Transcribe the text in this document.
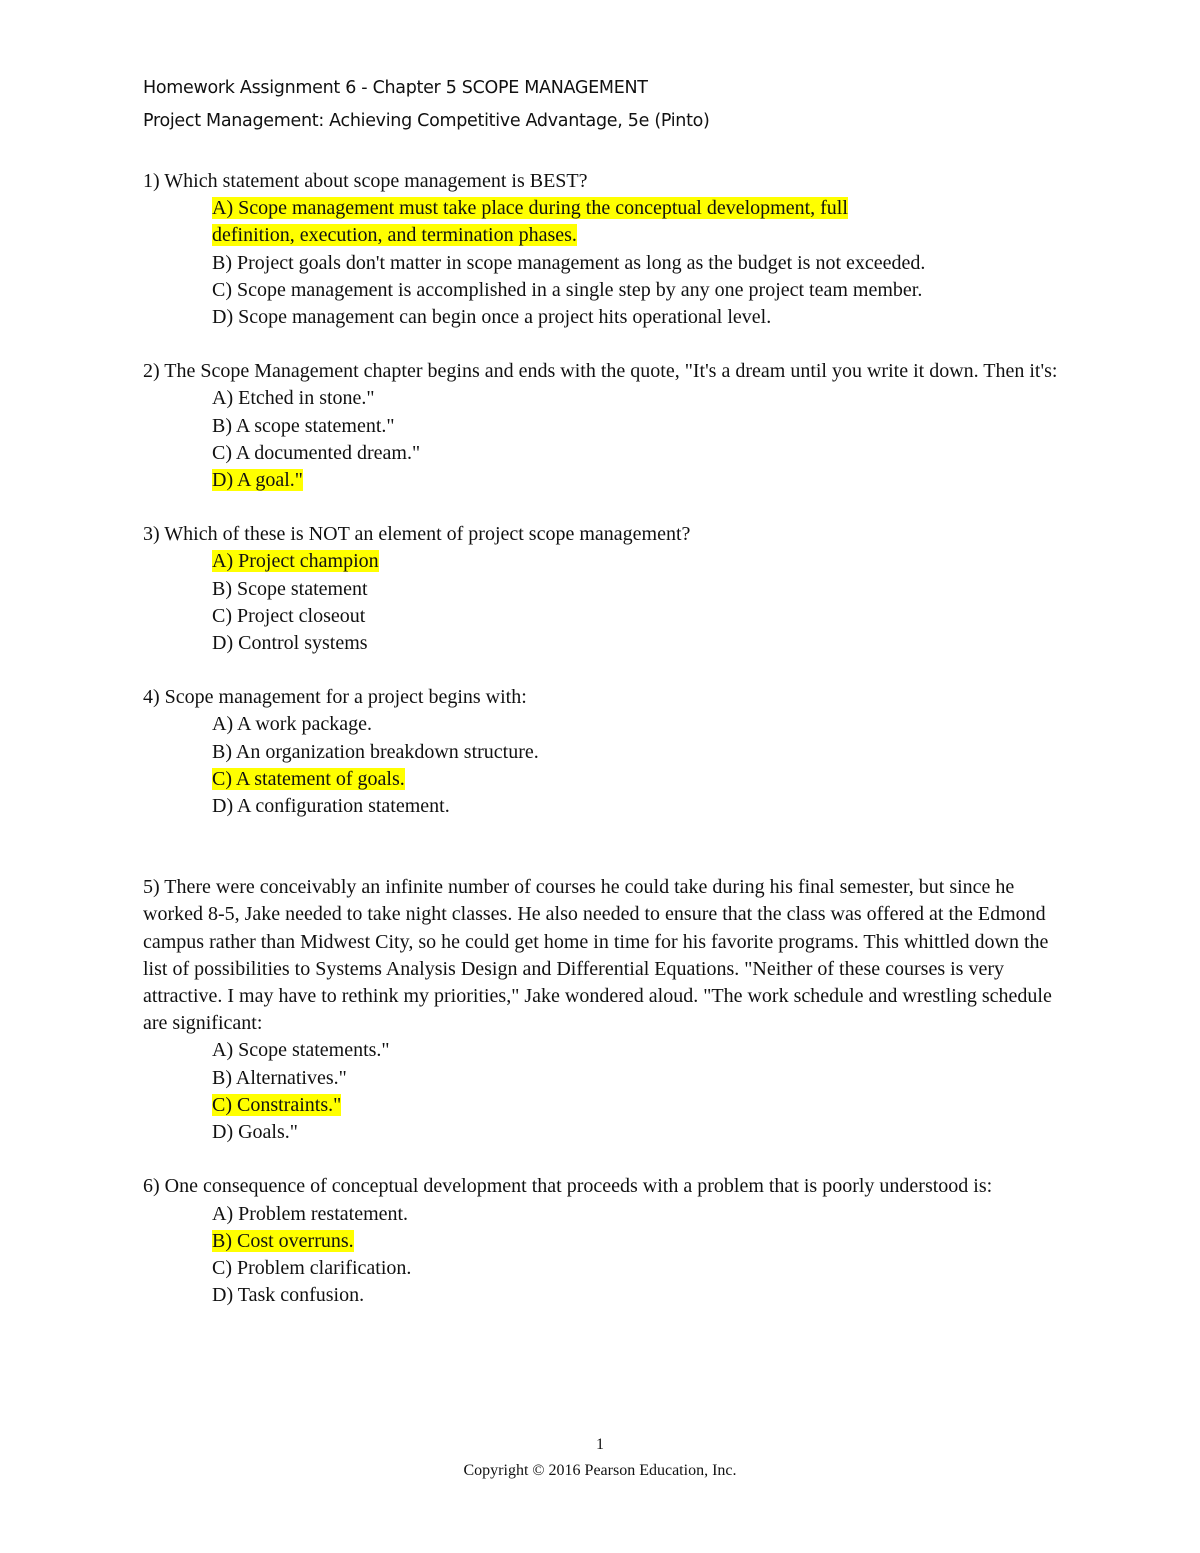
Homework Assignment 6 - Chapter 5 SCOPE MANAGEMENT
Project Management: Achieving Competitive Advantage, 5e (Pinto)
1) Which statement about scope management is BEST?
A) Scope management must take place during the conceptual development, full
definition, execution, and termination phases.
B) Project goals don't matter in scope management as long as the budget is not exceeded.
C) Scope management is accomplished in a single step by any one project team member.
D) Scope management can begin once a project hits operational level.
2) The Scope Management chapter begins and ends with the quote, "It's a dream until you write it down. Then it's:
A) Etched in stone."
B) A scope statement."
C) A documented dream."
D) A goal."
3) Which of these is NOT an element of project scope management?
A) Project champion
B) Scope statement
C) Project closeout
D) Control systems
4) Scope management for a project begins with:
A) A work package.
B) An organization breakdown structure.
C) A statement of goals.
D) A configuration statement.
5) There were conceivably an infinite number of courses he could take during his final semester, but since he worked 8-5, Jake needed to take night classes. He also needed to ensure that the class was offered at the Edmond campus rather than Midwest City, so he could get home in time for his favorite programs. This whittled down the list of possibilities to Systems Analysis Design and Differential Equations. "Neither of these courses is very attractive. I may have to rethink my priorities," Jake wondered aloud. "The work schedule and wrestling schedule are significant:
A) Scope statements."
B) Alternatives."
C) Constraints."
D) Goals."
6) One consequence of conceptual development that proceeds with a problem that is poorly understood is:
A) Problem restatement.
B) Cost overruns.
C) Problem clarification.
D) Task confusion.
1
Copyright © 2016 Pearson Education, Inc.
